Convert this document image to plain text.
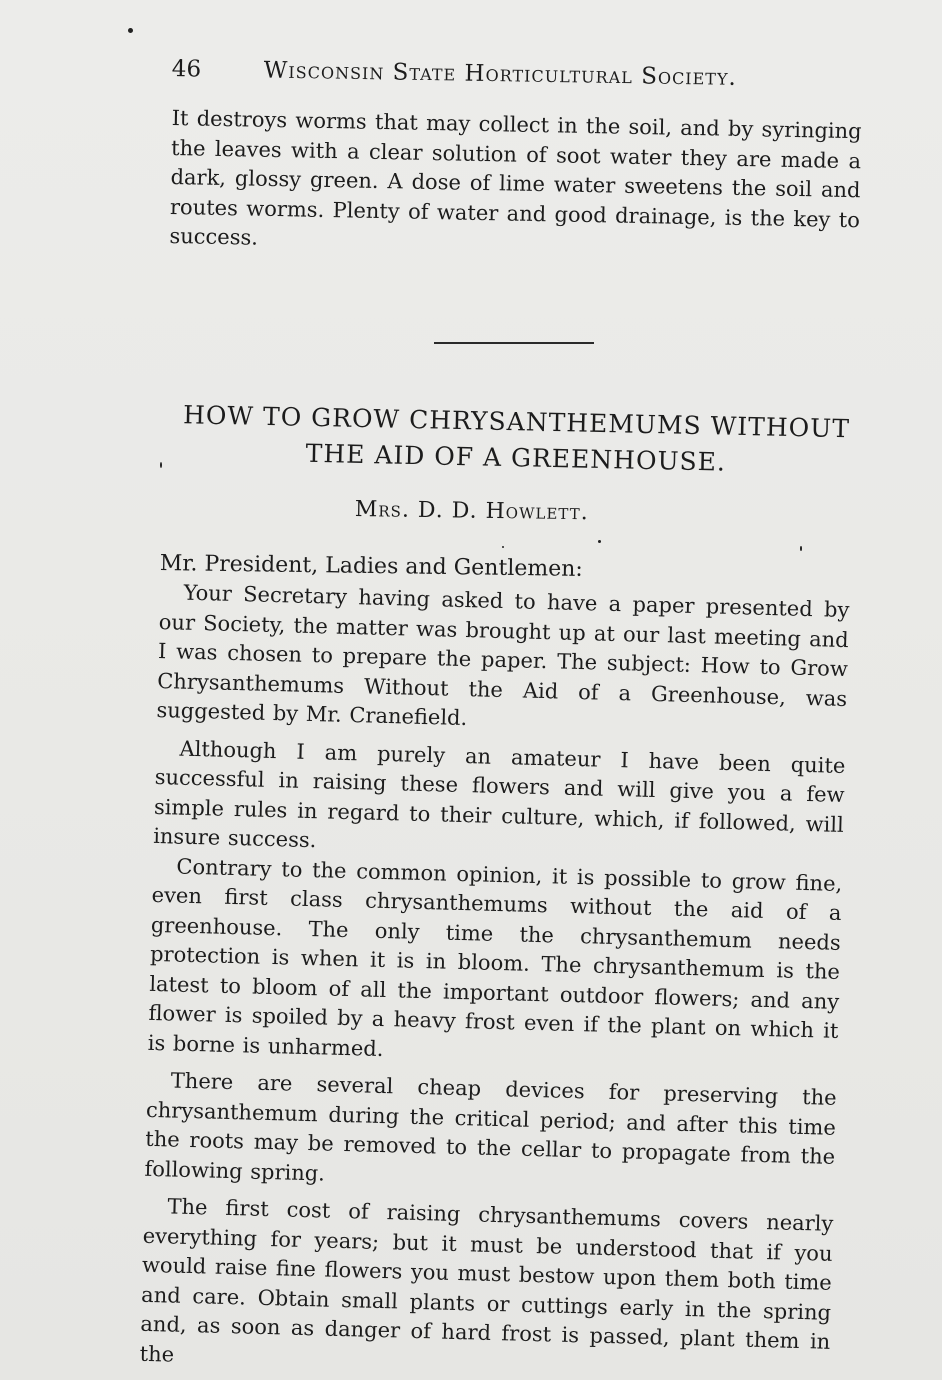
46	Wisconsin State Horticultural Society.

It destroys worms that may collect in the soil, and by syringing the leaves with a clear solution of soot water they are made a dark, glossy green. A dose of lime water sweetens the soil and routes worms. Plenty of water and good drainage, is the key to success.

HOW TO GROW CHRYSANTHEMUMS WITHOUT THE AID OF A GREENHOUSE.
Mrs. D. D. Howlett.
Mr. President, Ladies and Gentlemen:

Your Secretary having asked to have a paper presented by our Society, the matter was brought up at our last meeting and I was chosen to prepare the paper. The subject: How to Grow Chrysanthemums Without the Aid of a Greenhouse, was suggested by Mr. Cranefield.

Although I am purely an amateur I have been quite successful in raising these flowers and will give you a few simple rules in regard to their culture, which, if followed, will insure success.

Contrary to the common opinion, it is possible to grow fine, even first class chrysanthemums without the aid of a greenhouse. The only time the chrysanthemum needs protection is when it is in bloom. The chrysanthemum is the latest to bloom of all the important outdoor flowers; and any flower is spoiled by a heavy frost even if the plant on which it is borne is unharmed.

There are several cheap devices for preserving the chrysanthemum during the critical period; and after this time the roots may be removed to the cellar to propagate from the following spring.

The first cost of raising chrysanthemums covers nearly everything for years; but it must be understood that if you would raise fine flowers you must bestow upon them both time and care. Obtain small plants or cuttings early in the spring and, as soon as danger of hard frost is passed, plant them in the
